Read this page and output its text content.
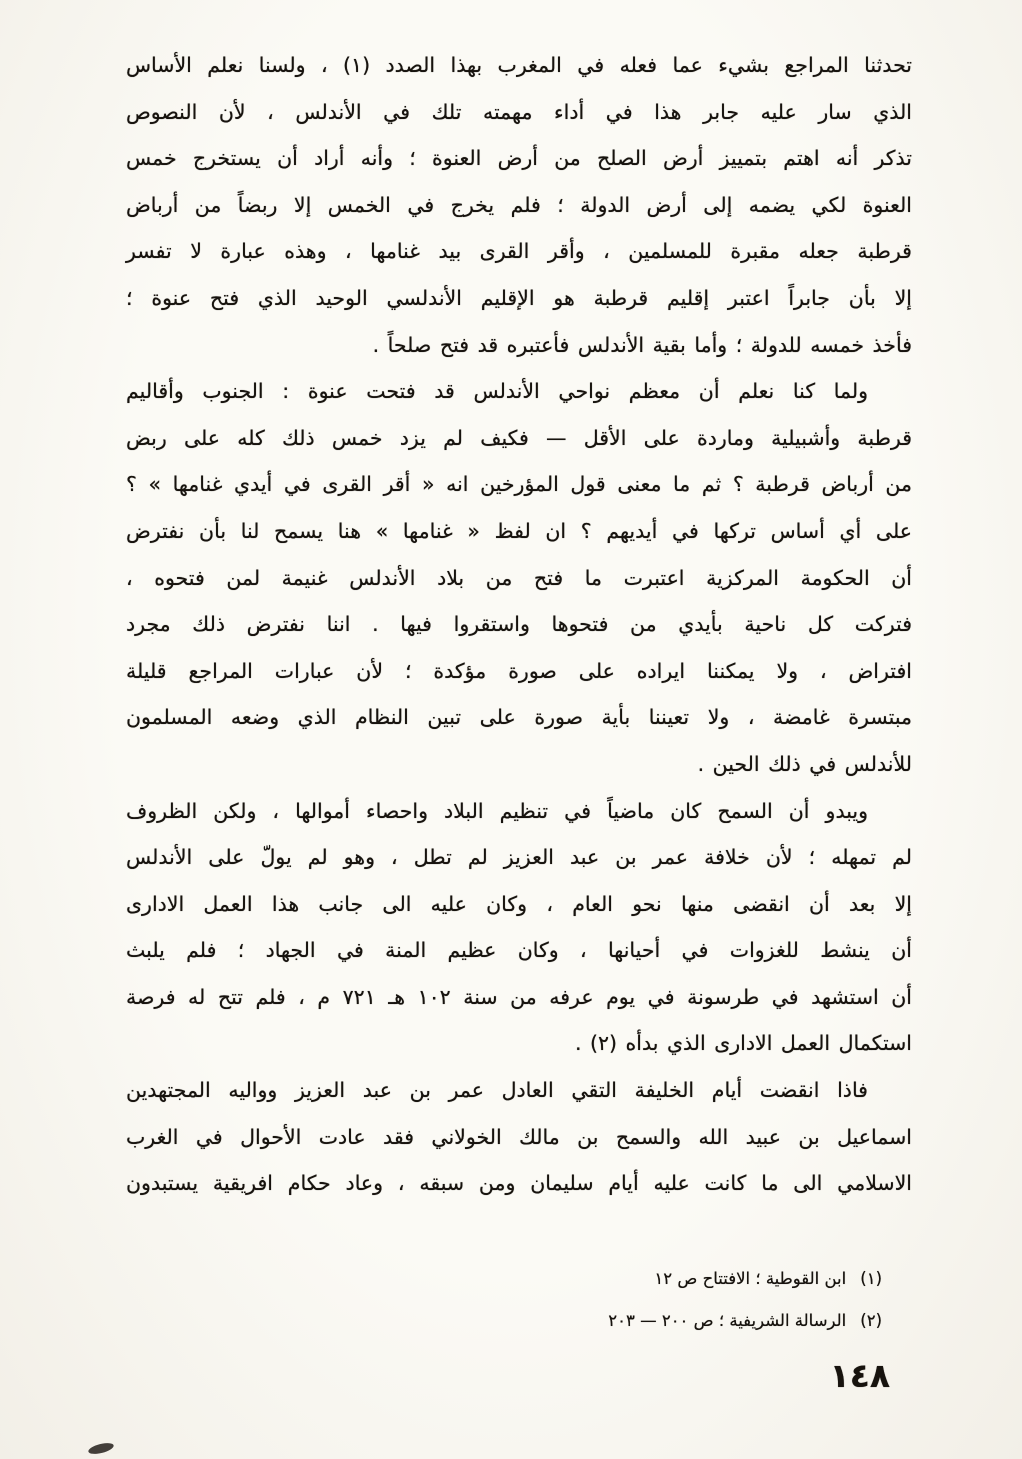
تحدثنا المراجع بشيء عما فعله في المغرب بهذا الصدد (١) ، ولسنا نعلم الأساس
الذي سار عليه جابر هذا في أداء مهمته تلك في الأندلس ، لأن النصوص
تذكر أنه اهتم بتمييز أرض الصلح من أرض العنوة ؛ وأنه أراد أن يستخرج خمس
العنوة لكي يضمه إلى أرض الدولة ؛ فلم يخرج في الخمس إلا ربضاً من أرباض
قرطبة جعله مقبرة للمسلمين ، وأقر القرى بيد غنامها ، وهذه عبارة لا تفسر
إلا بأن جابراً اعتبر إقليم قرطبة هو الإقليم الأندلسي الوحيد الذي فتح عنوة ؛
فأخذ خمسه للدولة ؛ وأما بقية الأندلس فأعتبره قد فتح صلحاً .
ولما كنا نعلم أن معظم نواحي الأندلس قد فتحت عنوة : الجنوب وأقاليم
قرطبة وأشبيلية وماردة على الأقل — فكيف لم يزد خمس ذلك كله على ربض
من أرباض قرطبة ؟ ثم ما معنى قول المؤرخين انه « أقر القرى في أيدي غنامها » ؟
على أي أساس تركها في أيديهم ؟ ان لفظ « غنامها » هنا يسمح لنا بأن نفترض
أن الحكومة المركزية اعتبرت ما فتح من بلاد الأندلس غنيمة لمن فتحوه ،
فتركت كل ناحية بأيدي من فتحوها واستقروا فيها . اننا نفترض ذلك مجرد
افتراض ، ولا يمكننا ايراده على صورة مؤكدة ؛ لأن عبارات المراجع قليلة
مبتسرة غامضة ، ولا تعيننا بأية صورة على تبين النظام الذي وضعه المسلمون
للأندلس في ذلك الحين .
ويبدو أن السمح كان ماضياً في تنظيم البلاد واحصاء أموالها ، ولكن الظروف
لم تمهله ؛ لأن خلافة عمر بن عبد العزيز لم تطل ، وهو لم يولّ على الأندلس
إلا بعد أن انقضى منها نحو العام ، وكان عليه الى جانب هذا العمل الادارى
أن ينشط للغزوات في أحيانها ، وكان عظيم المنة في الجهاد ؛ فلم يلبث
أن استشهد في طرسونة في يوم عرفه من سنة ١٠٢ هـ ٧٢١ م ، فلم تتح له فرصة
استكمال العمل الادارى الذي بدأه (٢) .
فاذا انقضت أيام الخليفة التقي العادل عمر بن عبد العزيز وواليه المجتهدين
اسماعيل بن عبيد الله والسمح بن مالك الخولاني فقد عادت الأحوال في الغرب
الاسلامي الى ما كانت عليه أيام سليمان ومن سبقه ، وعاد حكام افريقية يستبدون
(١)ابن القوطية ؛ الافتتاح ص ١٢
(٢)الرسالة الشريفية ؛ ص ٢٠٠ — ٢٠٣
١٤٨
